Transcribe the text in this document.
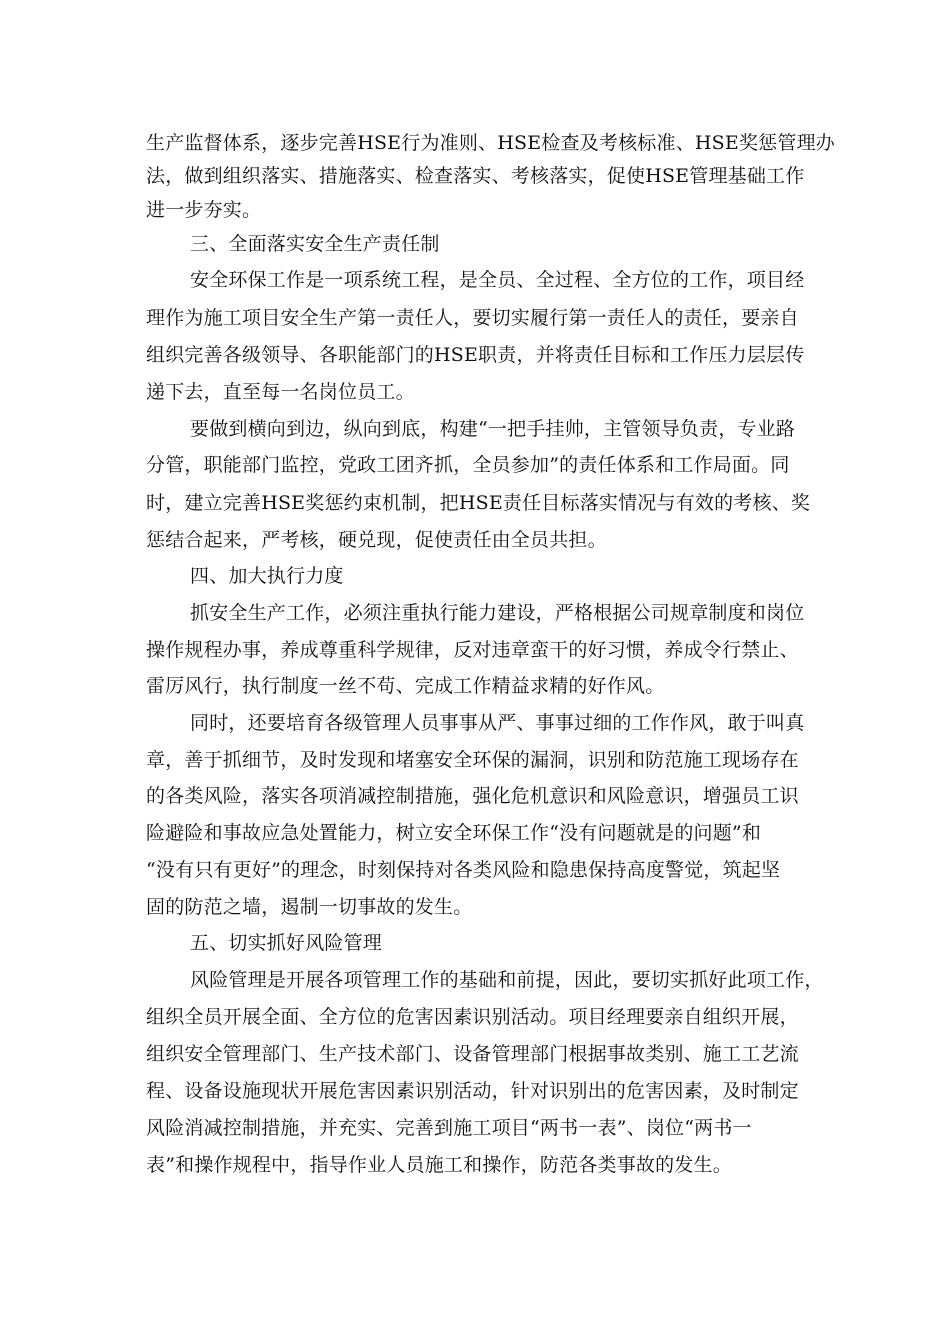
生产监督体系，逐步完善HSE行为准则、HSE检查及考核标准、HSE奖惩管理办
法，做到组织落实、措施落实、检查落实、考核落实，促使HSE管理基础工作
进一步夯实。
三、全面落实安全生产责任制
安全环保工作是一项系统工程，是全员、全过程、全方位的工作，项目经
理作为施工项目安全生产第一责任人，要切实履行第一责任人的责任，要亲自
组织完善各级领导、各职能部门的HSE职责，并将责任目标和工作压力层层传
递下去，直至每一名岗位员工。
要做到横向到边，纵向到底，构建“一把手挂帅，主管领导负责，专业路
分管，职能部门监控，党政工团齐抓，全员参加”的责任体系和工作局面。同
时，建立完善HSE奖惩约束机制，把HSE责任目标落实情况与有效的考核、奖
惩结合起来，严考核，硬兑现，促使责任由全员共担。
四、加大执行力度
抓安全生产工作，必须注重执行能力建设，严格根据公司规章制度和岗位
操作规程办事，养成尊重科学规律，反对违章蛮干的好习惯，养成令行禁止、
雷厉风行，执行制度一丝不苟、完成工作精益求精的好作风。
同时，还要培育各级管理人员事事从严、事事过细的工作作风，敢于叫真
章，善于抓细节，及时发现和堵塞安全环保的漏洞，识别和防范施工现场存在
的各类风险，落实各项消减控制措施，强化危机意识和风险意识，增强员工识
险避险和事故应急处置能力，树立安全环保工作“没有问题就是的问题”和
“没有只有更好”的理念，时刻保持对各类风险和隐患保持高度警觉，筑起坚
固的防范之墙，遏制一切事故的发生。
五、切实抓好风险管理
风险管理是开展各项管理工作的基础和前提，因此，要切实抓好此项工作，
组织全员开展全面、全方位的危害因素识别活动。项目经理要亲自组织开展，
组织安全管理部门、生产技术部门、设备管理部门根据事故类别、施工工艺流
程、设备设施现状开展危害因素识别活动，针对识别出的危害因素，及时制定
风险消减控制措施，并充实、完善到施工项目“两书一表”、岗位“两书一
表”和操作规程中，指导作业人员施工和操作，防范各类事故的发生。
